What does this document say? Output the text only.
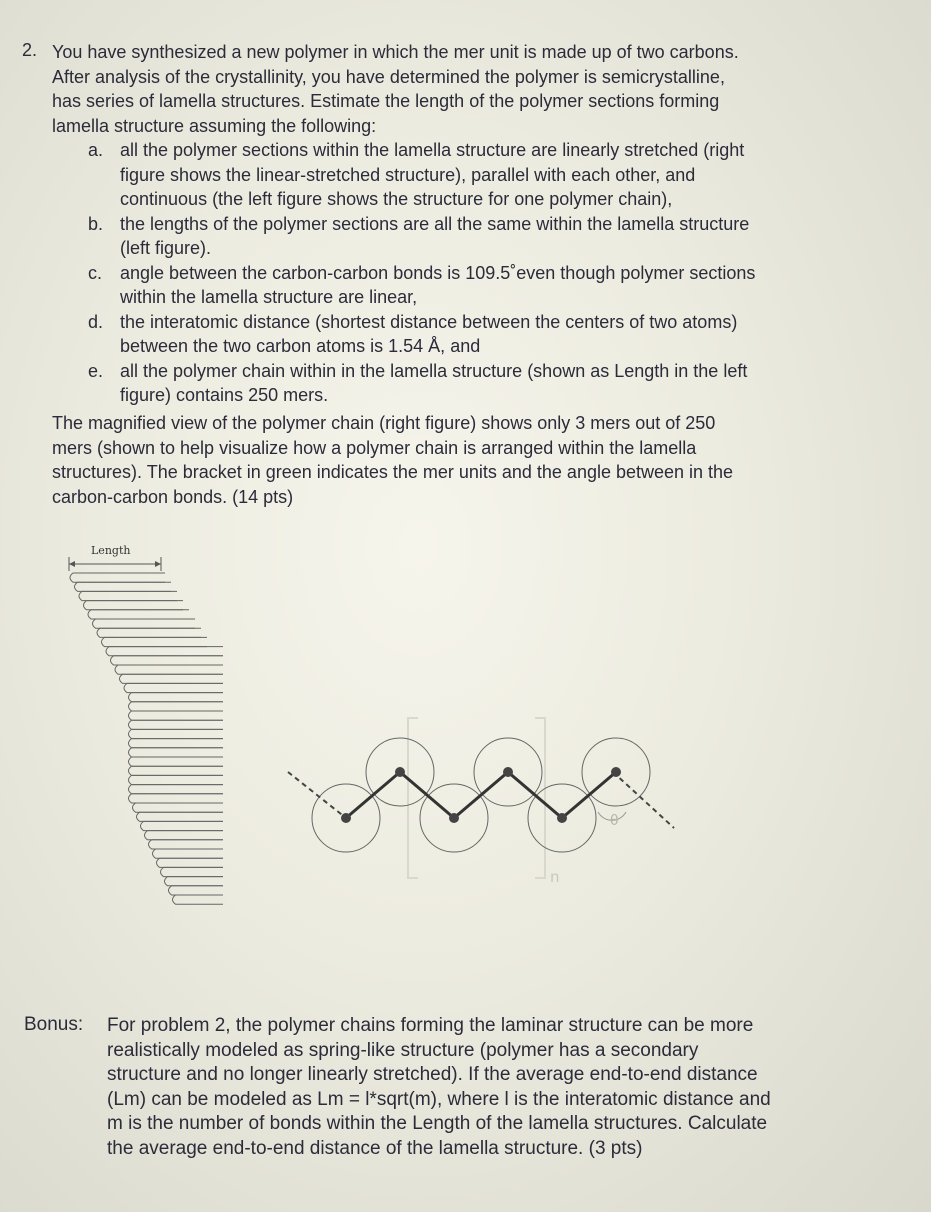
2. You have synthesized a new polymer in which the mer unit is made up of two carbons.
After analysis of the crystallinity, you have determined the polymer is semicrystalline,
has series of lamella structures. Estimate the length of the polymer sections forming
lamella structure assuming the following:

a. all the polymer sections within the lamella structure are linearly stretched (right
figure shows the linear-stretched structure), parallel with each other, and
continuous (the left figure shows the structure for one polymer chain),
b. the lengths of the polymer sections are all the same within the lamella structure
(left figure).
c. angle between the carbon-carbon bonds is 109.5˚even though polymer sections
within the lamella structure are linear,
d. the interatomic distance (shortest distance between the centers of two atoms)
between the two carbon atoms is 1.54 Å, and
e. all the polymer chain within in the lamella structure (shown as Length in the left
figure) contains 250 mers.
The magnified view of the polymer chain (right figure) shows only 3 mers out of 250
mers (shown to help visualize how a polymer chain is arranged within the lamella
structures). The bracket in green indicates the mer units and the angle between in the
carbon-carbon bonds. (14 pts)
Length
n
θ
Bonus: For problem 2, the polymer chains forming the laminar structure can be more
realistically modeled as spring-like structure (polymer has a secondary
structure and no longer linearly stretched). If the average end-to-end distance
(Lm) can be modeled as Lm = l*sqrt(m), where l is the interatomic distance and
m is the number of bonds within the Length of the lamella structures. Calculate
the average end-to-end distance of the lamella structure. (3 pts)
